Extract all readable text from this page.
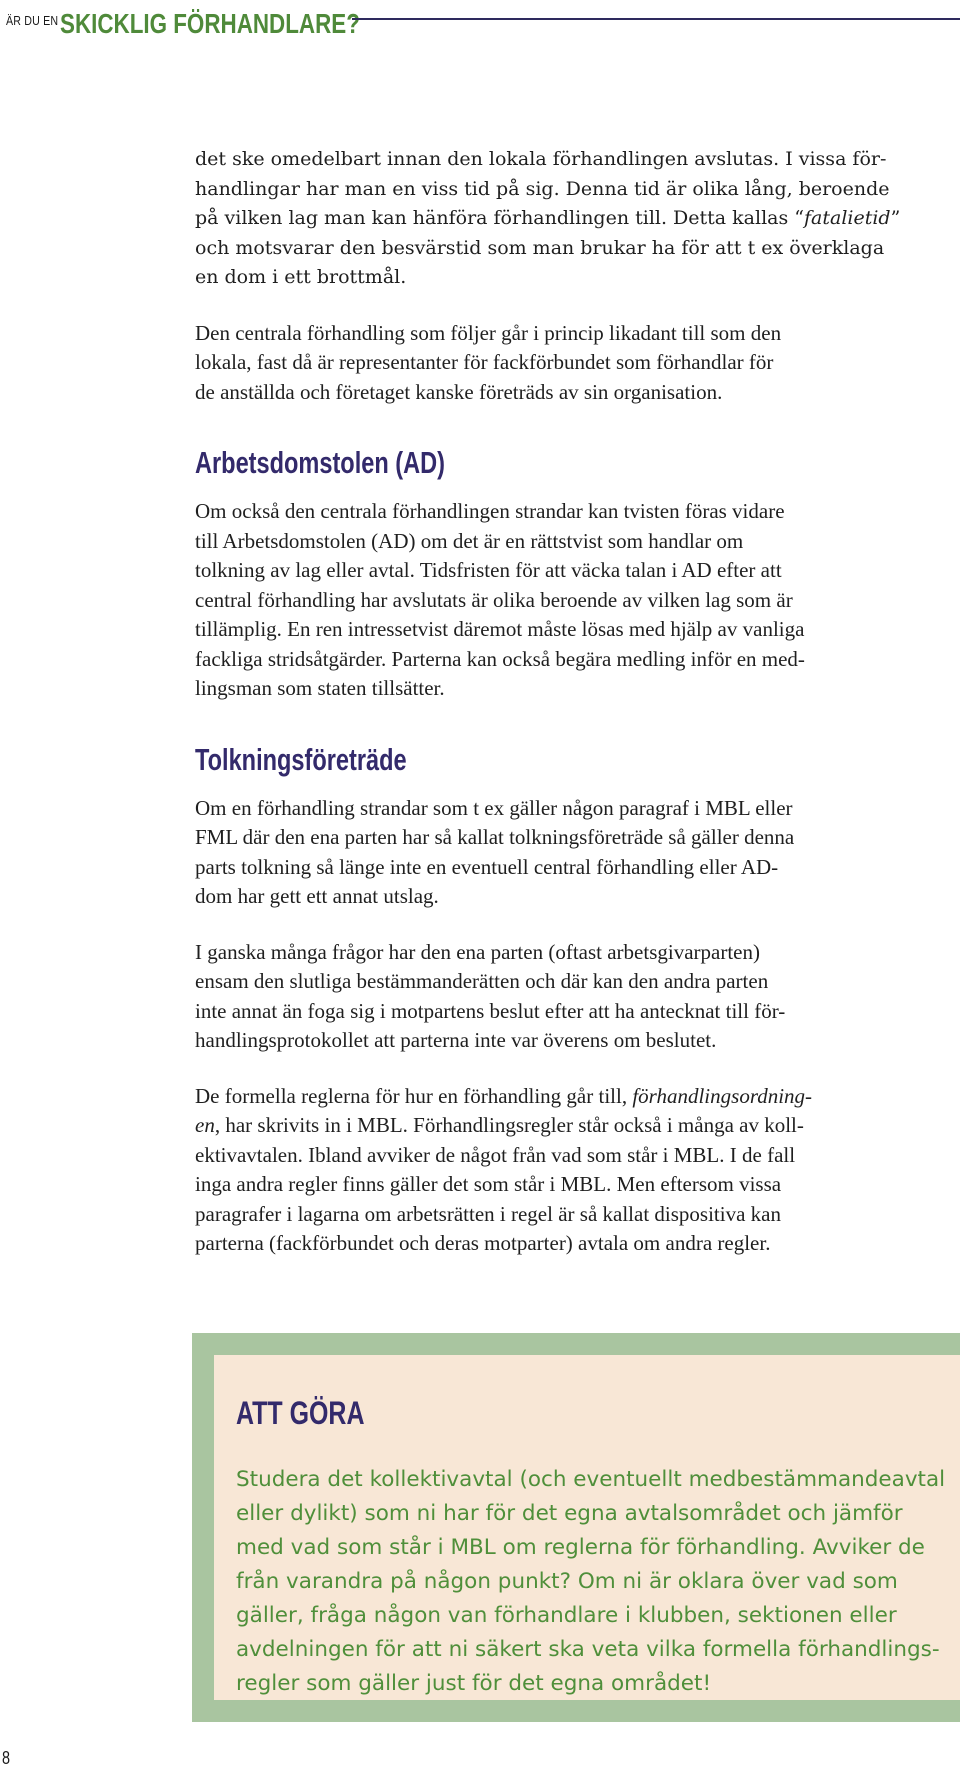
ÄR DU EN SKICKLIG FÖRHANDLARE?

det ske omedelbart innan den lokala förhandlingen avslutas. I vissa för-
handlingar har man en viss tid på sig. Denna tid är olika lång, beroende
på vilken lag man kan hänföra förhandlingen till. Detta kallas “fatalietid”
och motsvarar den besvärstid som man brukar ha för att t ex överklaga
en dom i ett brottmål.

Den centrala förhandling som följer går i princip likadant till som den
lokala, fast då är representanter för fackförbundet som förhandlar för
de anställda och företaget kanske företräds av sin organisation.

Arbetsdomstolen (AD)

Om också den centrala förhandlingen strandar kan tvisten föras vidare
till Arbetsdomstolen (AD) om det är en rättstvist som handlar om
tolkning av lag eller avtal. Tidsfristen för att väcka talan i AD efter att
central förhandling har avslutats är olika beroende av vilken lag som är
tillämplig. En ren intressetvist däremot måste lösas med hjälp av vanliga
fackliga stridsåtgärder. Parterna kan också begära medling inför en med-
lingsman som staten tillsätter.

Tolkningsföreträde

Om en förhandling strandar som t ex gäller någon paragraf i MBL eller
FML där den ena parten har så kallat tolkningsföreträde så gäller denna
parts tolkning så länge inte en eventuell central förhandling eller AD-
dom har gett ett annat utslag.

I ganska många frågor har den ena parten (oftast arbetsgivarparten)
ensam den slutliga bestämmanderätten och där kan den andra parten
inte annat än foga sig i motpartens beslut efter att ha antecknat till för-
handlingsprotokollet att parterna inte var överens om beslutet.

De formella reglerna för hur en förhandling går till, förhandlingsordning-
en, har skrivits in i MBL. Förhandlingsregler står också i många av koll-
ektivavtalen. Ibland avviker de något från vad som står i MBL. I de fall
inga andra regler finns gäller det som står i MBL. Men eftersom vissa
paragrafer i lagarna om arbetsrätten i regel är så kallat dispositiva kan
parterna (fackförbundet och deras motparter) avtala om andra regler.

ATT GÖRA
Studera det kollektivavtal (och eventuellt medbestämmandeavtal
eller dylikt) som ni har för det egna avtalsområdet och jämför
med vad som står i MBL om reglerna för förhandling. Avviker de
från varandra på någon punkt? Om ni är oklara över vad som
gäller, fråga någon van förhandlare i klubben, sektionen eller
avdelningen för att ni säkert ska veta vilka formella förhandlings-
regler som gäller just för det egna området!
8
